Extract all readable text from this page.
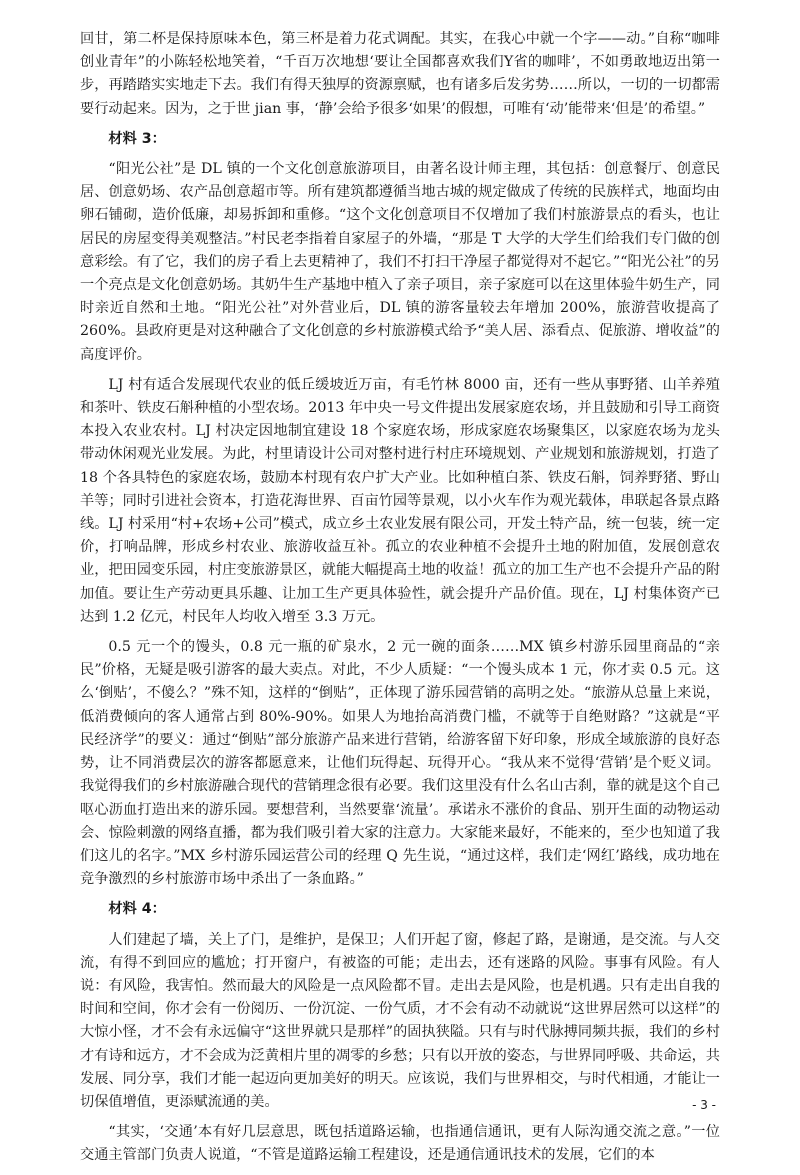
回甘，第二杯是保持原味本色，第三杯是着力花式调配。其实，在我心中就一个字——动。”自称“咖啡创业青年”的小陈轻松地笑着，“千百万次地想‘要让全国都喜欢我们Y省的咖啡’，不如勇敢地迈出第一步，再踏踏实实地走下去。我们有得天独厚的资源禀赋，也有诸多后发劣势……所以，一切的一切都需要行动起来。因为，之于世 jian 事，‘静’会给予很多‘如果’的假想，可唯有‘动’能带来‘但是’的希望。”

材料 3：

“阳光公社”是 DL 镇的一个文化创意旅游项目，由著名设计师主理，其包括：创意餐厅、创意民居、创意奶场、农产品创意超市等。所有建筑都遵循当地古城的规定做成了传统的民族样式，地面均由卵石铺砌，造价低廉，却易拆卸和重修。“这个文化创意项目不仅增加了我们村旅游景点的看头，也让居民的房屋变得美观整洁。”村民老李指着自家屋子的外墙，“那是 T 大学的大学生们给我们专门做的创意彩绘。有了它，我们的房子看上去更精神了，我们不打扫干净屋子都觉得对不起它。”“阳光公社”的另一个亮点是文化创意奶场。其奶牛生产基地中植入了亲子项目，亲子家庭可以在这里体验牛奶生产，同时亲近自然和土地。“阳光公社”对外营业后，DL 镇的游客量较去年增加 200%，旅游营收提高了 260%。县政府更是对这种融合了文化创意的乡村旅游模式给予“美人居、添看点、促旅游、增收益”的高度评价。

LJ 村有适合发展现代农业的低丘缓坡近万亩，有毛竹林 8000 亩，还有一些从事野猪、山羊养殖和茶叶、铁皮石斛种植的小型农场。2013 年中央一号文件提出发展家庭农场，并且鼓励和引导工商资本投入农业农村。LJ 村决定因地制宜建设 18 个家庭农场，形成家庭农场聚集区，以家庭农场为龙头带动休闲观光业发展。为此，村里请设计公司对整村进行村庄环境规划、产业规划和旅游规划，打造了 18 个各具特色的家庭农场，鼓励本村现有农户扩大产业。比如种植白茶、铁皮石斛，饲养野猪、野山羊等；同时引进社会资本，打造花海世界、百亩竹园等景观，以小火车作为观光载体，串联起各景点路线。LJ 村采用“村+农场+公司”模式，成立乡土农业发展有限公司，开发土特产品，统一包装，统一定价，打响品牌，形成乡村农业、旅游收益互补。孤立的农业种植不会提升土地的附加值，发展创意农业，把田园变乐园，村庄变旅游景区，就能大幅提高土地的收益！孤立的加工生产也不会提升产品的附加值。要让生产劳动更具乐趣、让加工生产更具体验性，就会提升产品价值。现在，LJ 村集体资产已达到 1.2 亿元，村民年人均收入增至 3.3 万元。

0.5 元一个的馒头，0.8 元一瓶的矿泉水，2 元一碗的面条……MX 镇乡村游乐园里商品的“亲民”价格，无疑是吸引游客的最大卖点。对此，不少人质疑：“一个馒头成本 1 元，你才卖 0.5 元。这么‘倒贴’，不傻么？”殊不知，这样的“倒贴”，正体现了游乐园营销的高明之处。“旅游从总量上来说，低消费倾向的客人通常占到 80%-90%。如果人为地抬高消费门槛，不就等于自绝财路？”这就是“平民经济学”的要义：通过“倒贴”部分旅游产品来进行营销，给游客留下好印象，形成全域旅游的良好态势，让不同消费层次的游客都愿意来，让他们玩得起、玩得开心。“我从来不觉得‘营销’是个贬义词。我觉得我们的乡村旅游融合现代的营销理念很有必要。我们这里没有什么名山古刹，靠的就是这个自己呕心沥血打造出来的游乐园。要想营利，当然要靠‘流量’。承诺永不涨价的食品、别开生面的动物运动会、惊险刺激的网络直播，都为我们吸引着大家的注意力。大家能来最好，不能来的，至少也知道了我们这儿的名字。”MX 乡村游乐园运营公司的经理 Q 先生说，“通过这样，我们走‘网红’路线，成功地在竞争激烈的乡村旅游市场中杀出了一条血路。”

材料 4：

人们建起了墙，关上了门，是维护，是保卫；人们开起了窗，修起了路，是谢通，是交流。与人交流，有得不到回应的尴尬；打开窗户，有被盗的可能；走出去，还有迷路的风险。事事有风险。有人说：有风险，我害怕。然而最大的风险是一点风险都不冒。走出去是风险，也是机遇。只有走出自我的时间和空间，你才会有一份阅历、一份沉淀、一份气质，才不会有动不动就说“这世界居然可以这样”的大惊小怪，才不会有永远偏守“这世界就只是那样”的固执狭隘。只有与时代脉搏同频共振，我们的乡村才有诗和远方，才不会成为泛黄相片里的凋零的乡愁；只有以开放的姿态，与世界同呼吸、共命运，共发展、同分享，我们才能一起迈向更加美好的明天。应该说，我们与世界相交，与时代相通，才能让一切保值增值，更添赋流通的美。

“其实，‘交通’本有好几层意思，既包括道路运输，也指通信通讯，更有人际沟通交流之意。”一位交通主管部门负责人说道，“不管是道路运输工程建设，还是通信通讯技术的发展，它们的本

- 3 -
